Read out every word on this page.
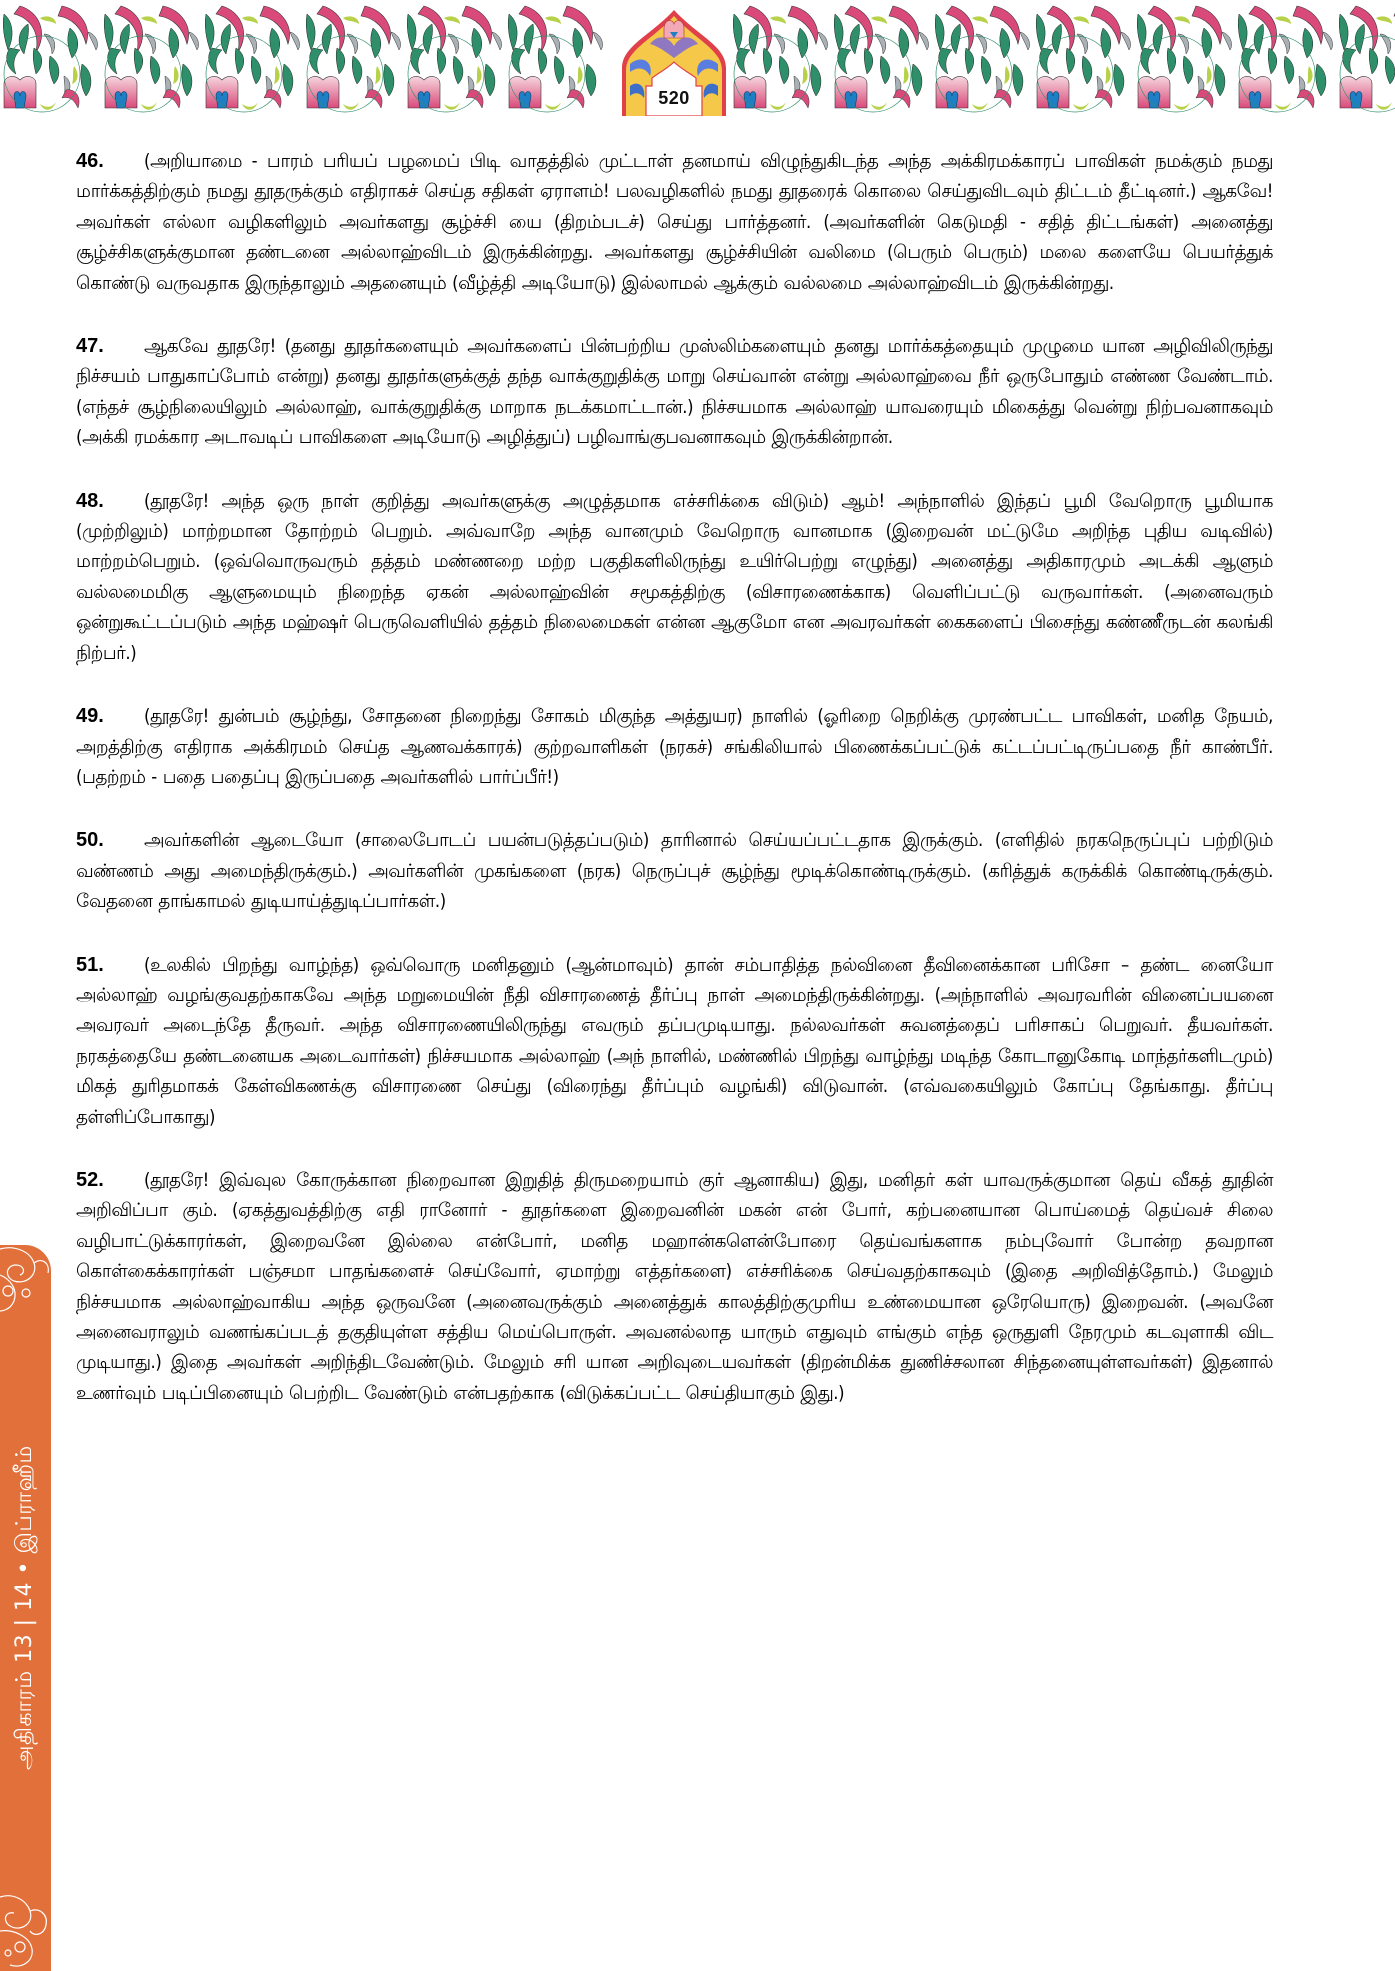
520

46. (அறியாமை - பாரம் பரியப் பழமைப் பிடி வாதத்தில் முட்டாள் தனமாய் விழுந்துகிடந்த அந்த அக்கிரமக்காரப் பாவிகள் நமக்கும் நமது மார்க்கத்திற்கும் நமது தூதருக்கும் எதிராகச் செய்த சதிகள் ஏராளம்! பலவழிகளில் நமது தூதரைக் கொலை செய்துவிடவும் திட்டம் தீட்டினர்.) ஆகவே! அவர்கள் எல்லா வழிகளிலும் அவர்களது சூழ்ச்சி யை (திறம்படச்) செய்து பார்த்தனர். (அவர்களின் கெடுமதி - சதித் திட்டங்கள்) அனைத்து சூழ்ச்சிகளுக்குமான தண்டனை அல்லாஹ்விடம் இருக்கின்றது. அவர்களது சூழ்ச்சியின் வலிமை (பெரும் பெரும்) மலை களையே பெயர்த்துக் கொண்டு வருவதாக இருந்தாலும் அதனையும் (வீழ்த்தி அடியோடு) இல்லாமல் ஆக்கும் வல்லமை அல்லாஹ்விடம் இருக்கின்றது.

47. ஆகவே தூதரே! (தனது தூதர்களையும் அவர்களைப் பின்பற்றிய முஸ்லிம்களையும் தனது மார்க்கத்தையும் முழுமை யான அழிவிலிருந்து நிச்சயம் பாதுகாப்போம் என்று) தனது தூதர்களுக்குத் தந்த வாக்குறுதிக்கு மாறு செய்வான் என்று அல்லாஹ்வை நீர் ஒருபோதும் எண்ண வேண்டாம். (எந்தச் சூழ்நிலையிலும் அல்லாஹ், வாக்குறுதிக்கு மாறாக நடக்கமாட்டான்.) நிச்சயமாக அல்லாஹ் யாவரையும் மிகைத்து வென்று நிற்பவனாகவும் (அக்கி ரமக்கார அடாவடிப் பாவிகளை அடியோடு அழித்துப்) பழிவாங்குபவனாகவும் இருக்கின்றான்.

48. (தூதரே! அந்த ஒரு நாள் குறித்து அவர்களுக்கு அழுத்தமாக எச்சரிக்கை விடும்) ஆம்! அந்நாளில் இந்தப் பூமி வேறொரு பூமியாக (முற்றிலும்) மாற்றமான தோற்றம் பெறும். அவ்வாறே அந்த வானமும் வேறொரு வானமாக (இறைவன் மட்டுமே அறிந்த புதிய வடிவில்) மாற்றம்பெறும். (ஒவ்வொருவரும் தத்தம் மண்ணறை மற்ற பகுதிகளிலிருந்து உயிர்பெற்று எழுந்து) அனைத்து அதிகாரமும் அடக்கி ஆளும் வல்லமைமிகு ஆளுமையும் நிறைந்த ஏகன் அல்லாஹ்வின் சமூகத்திற்கு (விசாரணைக்காக) வெளிப்பட்டு வருவார்கள். (அனைவரும் ஒன்றுகூட்டப்படும் அந்த மஹ்ஷர் பெருவெளியில் தத்தம் நிலைமைகள் என்ன ஆகுமோ என அவரவர்கள் கைகளைப் பிசைந்து கண்ணீருடன் கலங்கி நிற்பர்.)

49. (தூதரே! துன்பம் சூழ்ந்து, சோதனை நிறைந்து சோகம் மிகுந்த அத்துயர) நாளில் (ஓரிறை நெறிக்கு முரண்பட்ட பாவிகள், மனித நேயம், அறத்திற்கு எதிராக அக்கிரமம் செய்த ஆணவக்காரக்) குற்றவாளிகள் (நரகச்) சங்கிலியால் பிணைக்கப்பட்டுக் கட்டப்பட்டிருப்பதை நீர் காண்பீர். (பதற்றம் - பதை பதைப்பு இருப்பதை அவர்களில் பார்ப்பீர்!)

50. அவர்களின் ஆடையோ (சாலைபோடப் பயன்படுத்தப்படும்) தாரினால் செய்யப்பட்டதாக இருக்கும். (எளிதில் நரகநெருப்புப் பற்றிடும் வண்ணம் அது அமைந்திருக்கும்.) அவர்களின் முகங்களை (நரக) நெருப்புச் சூழ்ந்து மூடிக்கொண்டிருக்கும். (கரித்துக் கருக்கிக் கொண்டிருக்கும். வேதனை தாங்காமல் துடியாய்த்துடிப்பார்கள்.)

51. (உலகில் பிறந்து வாழ்ந்த) ஒவ்வொரு மனிதனும் (ஆன்மாவும்) தான் சம்பாதித்த நல்வினை தீவினைக்கான பரிசோ – தண்ட னையோ அல்லாஹ் வழங்குவதற்காகவே அந்த மறுமையின் நீதி விசாரணைத் தீர்ப்பு நாள் அமைந்திருக்கின்றது. (அந்நாளில் அவரவரின் வினைப்பயனை அவரவர் அடைந்தே தீருவர். அந்த விசாரணையிலிருந்து எவரும் தப்பமுடியாது. நல்லவர்கள் சுவனத்தைப் பரிசாகப் பெறுவர். தீயவர்கள். நரகத்தையே தண்டனையக அடைவார்கள்) நிச்சயமாக அல்லாஹ் (அந் நாளில், மண்ணில் பிறந்து வாழ்ந்து மடிந்த கோடானுகோடி மாந்தர்களிடமும்) மிகத் துரிதமாகக் கேள்விகணக்கு விசாரணை செய்து (விரைந்து தீர்ப்பும் வழங்கி) விடுவான். (எவ்வகையிலும் கோப்பு தேங்காது. தீர்ப்பு தள்ளிப்போகாது)

52. (தூதரே! இவ்வுல கோருக்கான நிறைவான இறுதித் திருமறையாம் குர் ஆனாகிய) இது, மனிதர் கள் யாவருக்குமான தெய் வீகத் தூதின் அறிவிப்பா கும். (ஏகத்துவத்திற்கு எதி ரானோர் - தூதர்களை இறைவனின் மகன் என் போர், கற்பனையான பொய்மைத் தெய்வச் சிலை வழிபாட்டுக்காரர்கள், இறைவனே இல்லை என்போர், மனித மஹான்களென்போரை தெய்வங்களாக நம்புவோர் போன்ற தவறான கொள்கைக்காரர்கள் பஞ்சமா பாதங்களைச் செய்வோர், ஏமாற்று எத்தர்களை) எச்சரிக்கை செய்வதற்காகவும் (இதை அறிவித்தோம்.) மேலும் நிச்சயமாக அல்லாஹ்வாகிய அந்த ஒருவனே (அனைவருக்கும் அனைத்துக் காலத்திற்குமுரிய உண்மையான ஒரேயொரு) இறைவன். (அவனே அனைவராலும் வணங்கப்படத் தகுதியுள்ள சத்திய மெய்பொருள். அவனல்லாத யாரும் எதுவும் எங்கும் எந்த ஒருதுளி நேரமும் கடவுளாகி விட முடியாது.) இதை அவர்கள் அறிந்திடவேண்டும். மேலும் சரி யான அறிவுடையவர்கள் (திறன்மிக்க துணிச்சலான சிந்தனையுள்ளவர்கள்) இதனால் உணர்வும் படிப்பினையும் பெற்றிட வேண்டும் என்பதற்காக (விடுக்கப்பட்ட செய்தியாகும் இது.)

அதிகாரம் 13 | 14 • இப்ராஹீம்
